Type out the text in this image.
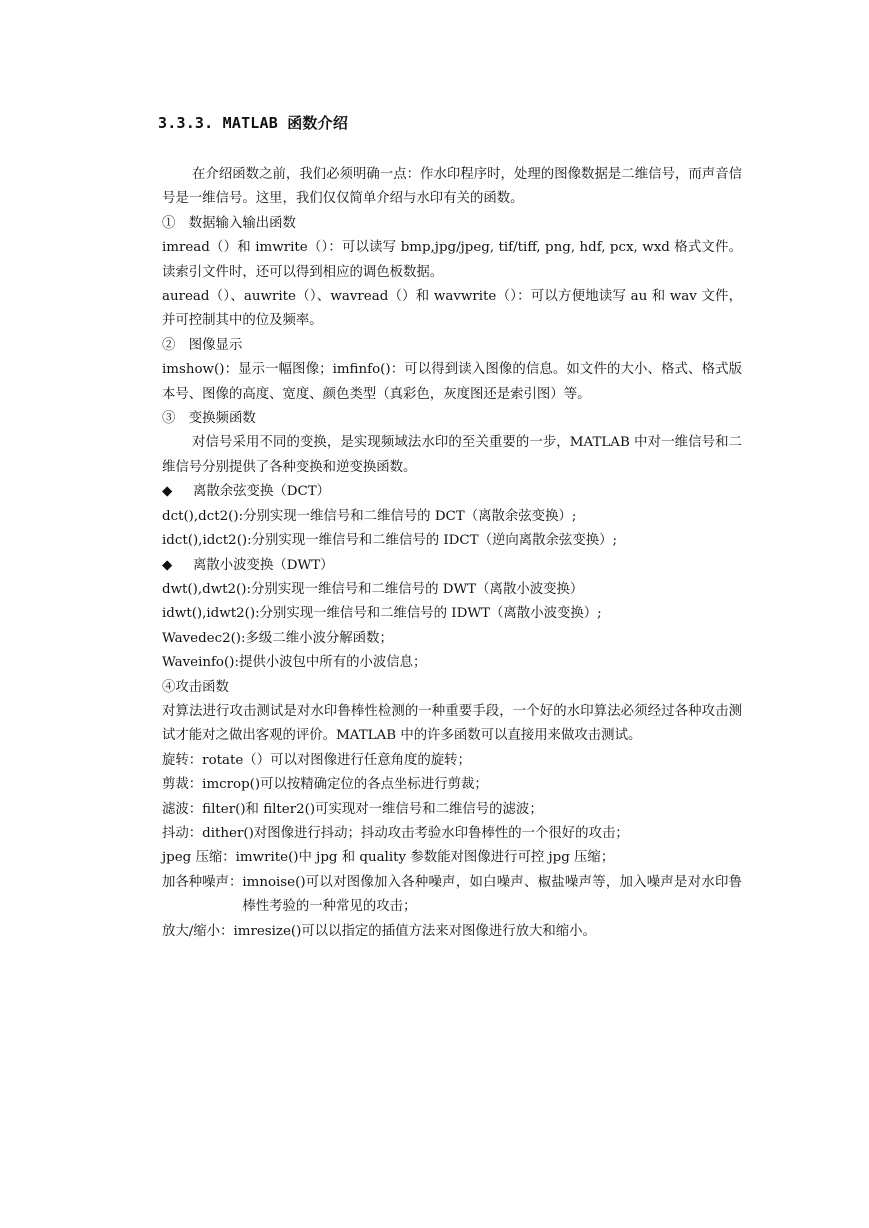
3.3.3. MATLAB 函数介绍

在介绍函数之前，我们必须明确一点：作水印程序时，处理的图像数据是二维信号，而声音信号是一维信号。这里，我们仅仅简单介绍与水印有关的函数。

①　数据输入输出函数

imread（）和 imwrite（）：可以读写 bmp,jpg/jpeg, tif/tiff, png, hdf, pcx, wxd 格式文件。读索引文件时，还可以得到相应的调色板数据。

auread（）、auwrite（）、wavread（）和 wavwrite（）：可以方便地读写 au 和 wav 文件，并可控制其中的位及频率。

②　图像显示

imshow()：显示一幅图像；imfinfo()：可以得到读入图像的信息。如文件的大小、格式、格式版本号、图像的高度、宽度、颜色类型（真彩色，灰度图还是索引图）等。

③　变换频函数

对信号采用不同的变换，是实现频域法水印的至关重要的一步，MATLAB 中对一维信号和二维信号分别提供了各种变换和逆变换函数。

◆ 离散余弦变换（DCT）

dct(),dct2():分别实现一维信号和二维信号的 DCT（离散余弦变换）;

idct(),idct2():分别实现一维信号和二维信号的 IDCT（逆向离散余弦变换）;

◆ 离散小波变换（DWT）

dwt(),dwt2():分别实现一维信号和二维信号的 DWT（离散小波变换）

idwt(),idwt2():分别实现一维信号和二维信号的 IDWT（离散小波变换）;

Wavedec2():多级二维小波分解函数；

Waveinfo():提供小波包中所有的小波信息；

④攻击函数

对算法进行攻击测试是对水印鲁棒性检测的一种重要手段，一个好的水印算法必须经过各种攻击测试才能对之做出客观的评价。MATLAB 中的许多函数可以直接用来做攻击测试。

旋转：rotate（）可以对图像进行任意角度的旋转；

剪裁：imcrop()可以按精确定位的各点坐标进行剪裁；

滤波：filter()和 filter2()可实现对一维信号和二维信号的滤波；

抖动：dither()对图像进行抖动；抖动攻击考验水印鲁棒性的一个很好的攻击；

jpeg 压缩：imwrite()中 jpg 和 quality 参数能对图像进行可控 jpg 压缩；

加各种噪声： imnoise()可以对图像加入各种噪声，如白噪声、椒盐噪声等，加入噪声是对水印鲁棒性考验的一种常见的攻击；

放大/缩小：imresize()可以以指定的插值方法来对图像进行放大和缩小。
